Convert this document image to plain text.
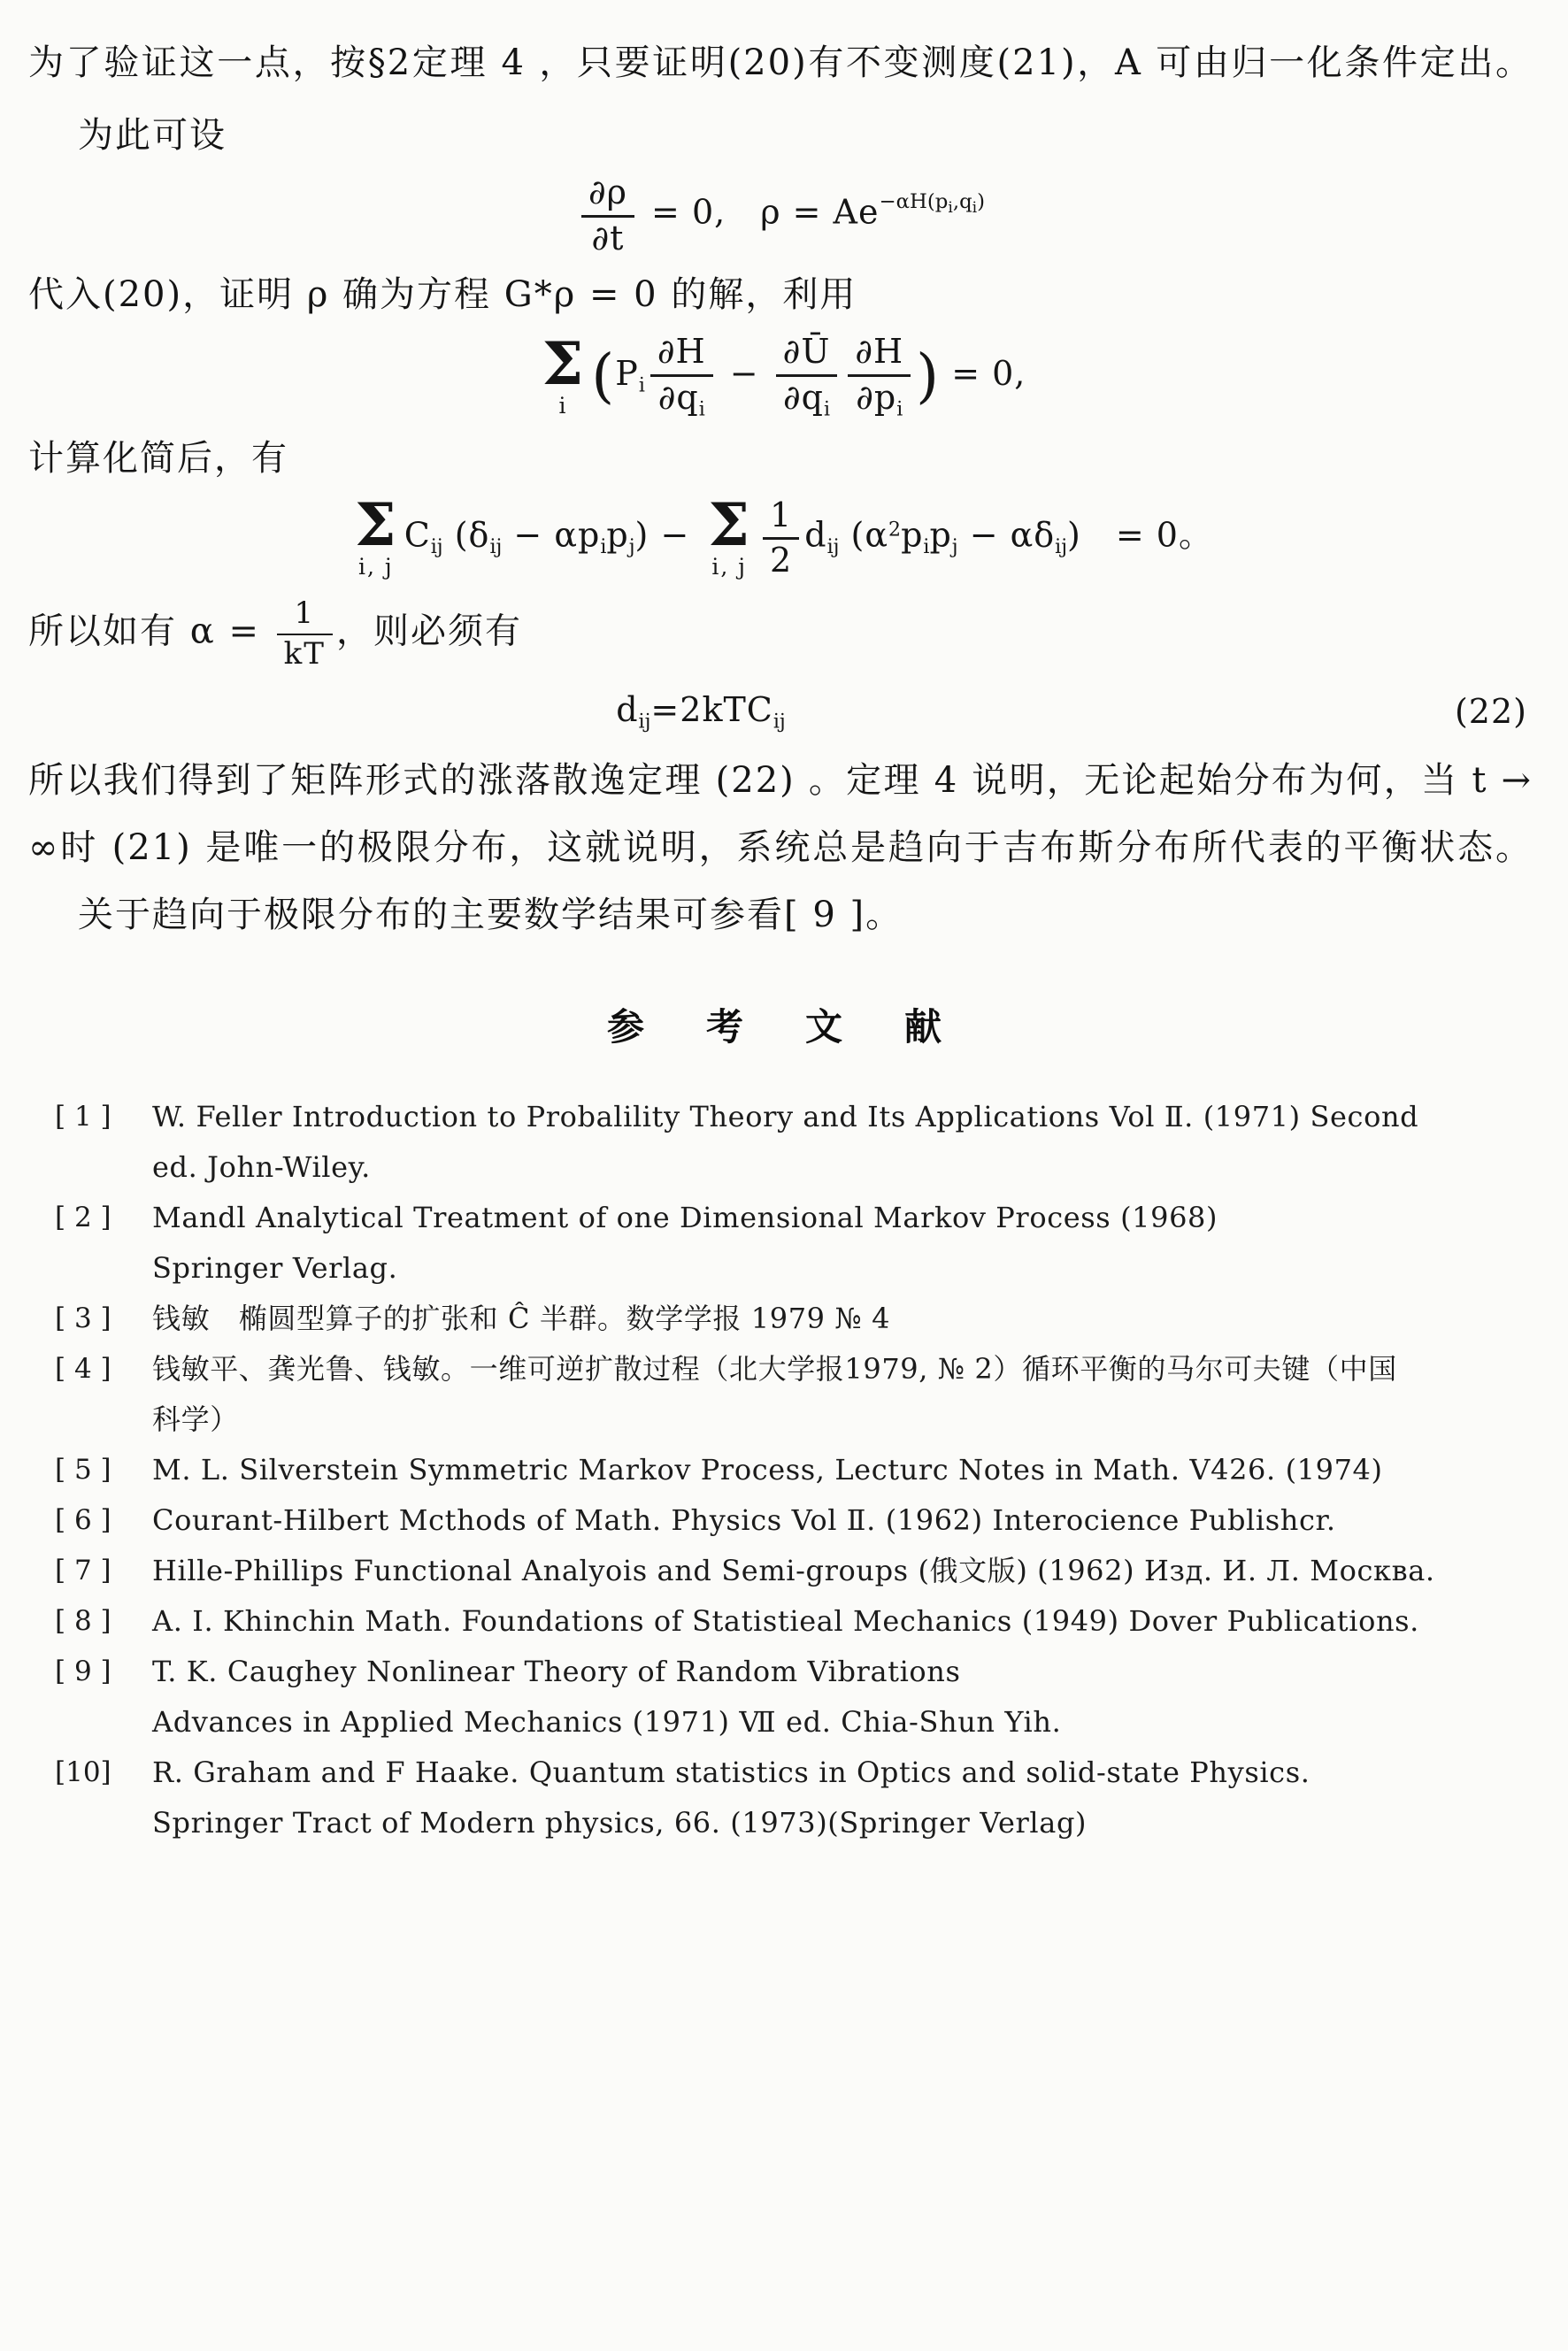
为了验证这一点，按§2定理 4 ，只要证明(20)有不变测度(21)，A 可由归一化条件定出。

为此可设

$\frac{\partial\rho}{\partial t} = 0$,　$\rho = Ae^{-\alpha H(p_i,q_i)}$

代入(20)，证明 ρ 确为方程 G*ρ = 0 的解，利用

Σ
i ($P_i \frac{\partial H}{\partial q_i} - \frac{\partial Ū}{\partial q_i} \frac{\partial H}{\partial p_i}$ ) = 0,

计算化简后，有

Σ
i, j
$C_{ij}$ $(\delta_{ij} - \alpha p_ip_j) - \Sigma$
i, j $\frac{1}{2} d_{ij}$ $(\alpha^2p_ip_j - \alpha\delta_{ij})$　= 0。
所以如有 $\alpha = \frac{1}{kT}$ ，则必须有
$d_{ij}=2kTC_{ij}$	(22)

所以我们得到了矩阵形式的涨落散逸定理 (22) 。定理 4 说明，无论起始分布为何，当 t →

∞时 (21) 是唯一的极限分布，这就说明，系统总是趋向于吉布斯分布所代表的平衡状态。

关于趋向于极限分布的主要数学结果可参看[ 9 ]。

参　考　文　献
[ 1 ]	W. Feller Introduction to Probalility Theory and Its Applications Vol Ⅱ. (1971) Second
ed. John-Wiley.
[ 2 ]	Mandl Analytical Treatment of one Dimensional Markov Process (1968)
Springer Verlag.
[ 3 ]	钱敏　椭圆型算子的扩张和 Ĉ 半群。数学学报 1979 № 4
[ 4 ]	钱敏平、龚光鲁、钱敏。一维可逆扩散过程（北大学报1979, № 2）循环平衡的马尔可夫键（中国
科学）
[ 5 ]	M. L. Silverstein Symmetric Markov Process, Lecturc Notes in Math. V426. (1974)
[ 6 ]	Courant-Hilbert Mcthods of Math. Physics Vol Ⅱ. (1962) Interocience Publishcr.
[ 7 ]	Hille-Phillips Functional Analyois and Semi-groups (俄文版) (1962) Изд. И. Л. Москва.
[ 8 ]	A. I. Khinchin Math. Foundations of Statistieal Mechanics (1949) Dover Publications.
[ 9 ]	T. K. Caughey Nonlinear Theory of Random Vibrations
Advances in Applied Mechanics (1971) Ⅶ ed. Chia-Shun Yih.
[10]	R. Graham and F Haake. Quantum statistics in Optics and solid-state Physics.
Springer Tract of Modern physics, 66. (1973)(Springer Verlag)
